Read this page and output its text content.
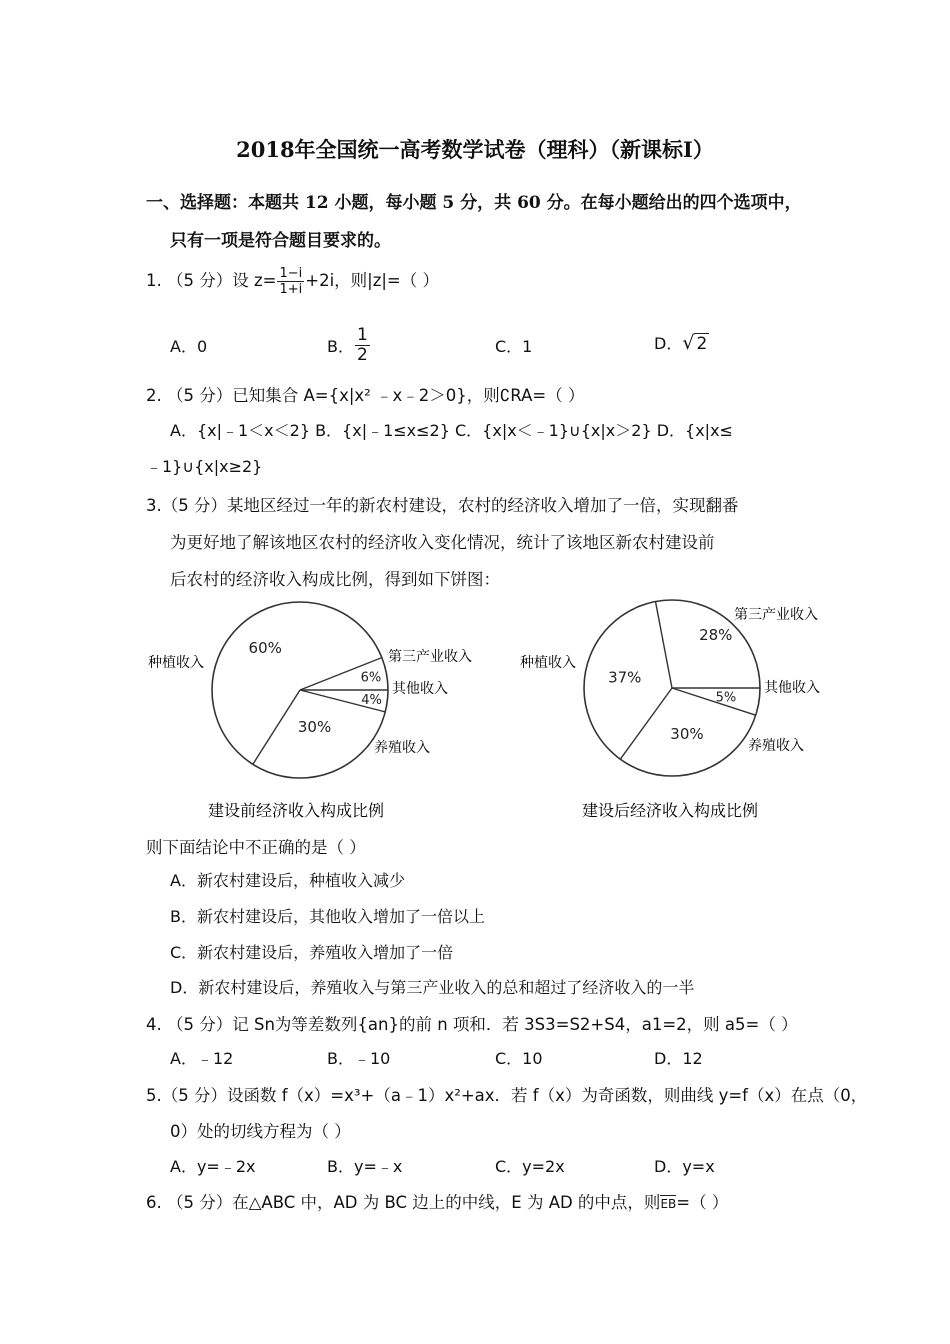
2018年全国统一高考数学试卷（理科）（新课标Ⅰ）
一、选择题：本题共 12 小题，每小题 5 分，共 60 分。在每小题给出的四个选项中，
只有一项是符合题目要求的。
1. （5 分）设 $z= \frac{1-i}{1+i} +2i$，则|z|=（ ）
A．0	B． $\frac{1}{2}$	C．1	D．√ 2
2. （5 分）已知集合 A={x|x² ﹣x﹣2＞0}，则∁RA=（ ）
A．{x|﹣1＜x＜2} B．{x|﹣1≤x≤2} C．{x|x＜﹣1}∪{x|x＞2} D．{x|x≤
﹣1}∪{x|x≥2}
3.（5 分）某地区经过一年的新农村建设，农村的经济收入增加了一倍，实现翻番
为更好地了解该地区农村的经济收入变化情况，统计了该地区新农村建设前
后农村的经济收入构成比例，得到如下饼图：
6%
4%
30%
60%
28%
5%
30%
37%
种植收入	第三产业收入
其他收入
养殖收入
种植收入
第三产业收入
其他收入
养殖收入
建设前经济收入构成比例	建设后经济收入构成比例
则下面结论中不正确的是（ ）
A．新农村建设后，种植收入减少
B．新农村建设后，其他收入增加了一倍以上
C．新农村建设后，养殖收入增加了一倍
D．新农村建设后，养殖收入与第三产业收入的总和超过了经济收入的一半
4. （5 分）记 Sn为等差数列{an}的前 n 项和．若 3S3=S2+S4，a1=2，则 a5=（ ）
A．﹣12	B．﹣10	C．10	D．12
5.（5 分）设函数 f（x）=x³+（a﹣1）x²+ax．若 f（x）为奇函数，则曲线 y=f（x）在点（0，
0）处的切线方程为（ ）
A．y=﹣2x	B．y=﹣x	C．y=2x	D．y=x
6. （5 分）在△ABC 中，AD 为 BC 边上的中线，E 为 AD 的中点，则EB=（ ）
